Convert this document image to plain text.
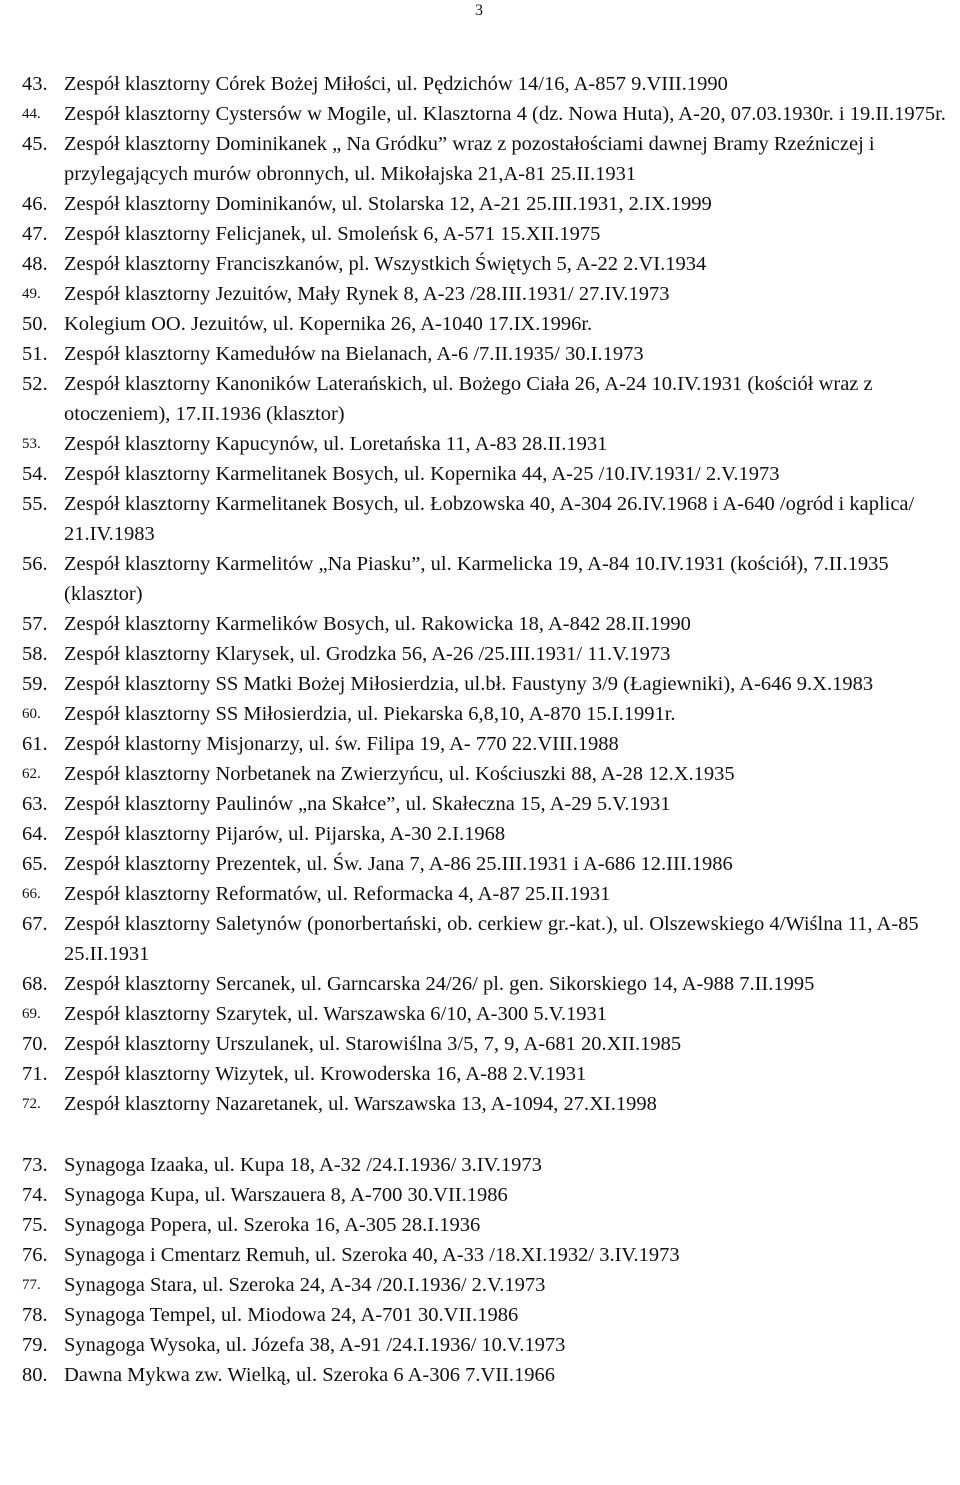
3
43. Zespół klasztorny Córek Bożej Miłości, ul. Pędzichów 14/16, A-857 9.VIII.1990
44.	Zespół klasztorny Cystersów w Mogile, ul. Klasztorna 4 (dz. Nowa Huta), A-20, 07.03.1930r. i 19.II.1975r.
45. Zespół klasztorny Dominikanek „ Na Gródku” wraz z pozostałościami dawnej Bramy Rzeźniczej i przylegających murów obronnych, ul. Mikołajska 21,A-81 25.II.1931
46. Zespół klasztorny Dominikanów, ul. Stolarska 12, A-21 25.III.1931, 2.IX.1999
47. Zespół klasztorny Felicjanek, ul. Smoleńsk 6, A-571 15.XII.1975
48. Zespół klasztorny Franciszkanów, pl. Wszystkich Świętych 5, A-22 2.VI.1934
49.	Zespół klasztorny Jezuitów, Mały Rynek 8, A-23 /28.III.1931/ 27.IV.1973
50. Kolegium OO. Jezuitów, ul. Kopernika 26, A-1040 17.IX.1996r.
51. Zespół klasztorny Kamedułów na Bielanach, A-6 /7.II.1935/ 30.I.1973
52. Zespół klasztorny Kanoników Laterańskich, ul. Bożego Ciała 26, A-24 10.IV.1931 (kościół wraz z otoczeniem), 17.II.1936 (klasztor)
53.	Zespół klasztorny Kapucynów, ul. Loretańska 11, A-83 28.II.1931
54. Zespół klasztorny Karmelitanek Bosych, ul. Kopernika 44, A-25 /10.IV.1931/ 2.V.1973
55. Zespół klasztorny Karmelitanek Bosych, ul. Łobzowska 40, A-304 26.IV.1968 i A-640 /ogród i kaplica/ 21.IV.1983
56. Zespół klasztorny Karmelitów „Na Piasku”, ul. Karmelicka 19, A-84 10.IV.1931 (kościół), 7.II.1935 (klasztor)
57. Zespół klasztorny Karmelików Bosych, ul. Rakowicka 18, A-842 28.II.1990
58. Zespół klasztorny Klarysek, ul. Grodzka 56, A-26 /25.III.1931/ 11.V.1973
59. Zespół klasztorny SS Matki Bożej Miłosierdzia, ul.bł. Faustyny 3/9 (Łagiewniki), A-646 9.X.1983
60.	Zespół klasztorny SS Miłosierdzia, ul. Piekarska 6,8,10, A-870 15.I.1991r.
61. Zespół klastorny Misjonarzy, ul. św. Filipa 19, A- 770 22.VIII.1988
62.	Zespół klasztorny Norbetanek na Zwierzyńcu, ul. Kościuszki 88, A-28 12.X.1935
63. Zespół klasztorny Paulinów „na Skałce”, ul. Skałeczna 15, A-29 5.V.1931
64. Zespół klasztorny Pijarów, ul. Pijarska, A-30 2.I.1968
65. Zespół klasztorny Prezentek, ul. Św. Jana 7, A-86 25.III.1931 i A-686 12.III.1986
66.	Zespół klasztorny Reformatów, ul. Reformacka 4, A-87 25.II.1931
67. Zespół klasztorny Saletynów (ponorbertański, ob. cerkiew gr.-kat.), ul. Olszewskiego 4/Wiślna 11, A-85 25.II.1931
68. Zespół klasztorny Sercanek, ul. Garncarska 24/26/ pl. gen. Sikorskiego 14, A-988 7.II.1995
69.	Zespół klasztorny Szarytek, ul. Warszawska 6/10, A-300 5.V.1931
70. Zespół klasztorny Urszulanek, ul. Starowiślna 3/5, 7, 9, A-681 20.XII.1985
71. Zespół klasztorny Wizytek, ul. Krowoderska 16, A-88 2.V.1931
72.	Zespół klasztorny Nazaretanek, ul. Warszawska 13, A-1094, 27.XI.1998
73. Synagoga Izaaka, ul. Kupa 18, A-32 /24.I.1936/ 3.IV.1973
74. Synagoga Kupa, ul. Warszauera 8, A-700 30.VII.1986
75. Synagoga Popera, ul. Szeroka 16, A-305 28.I.1936
76. Synagoga i Cmentarz Remuh, ul. Szeroka 40, A-33 /18.XI.1932/ 3.IV.1973
77.	Synagoga Stara, ul. Szeroka 24, A-34 /20.I.1936/ 2.V.1973
78. Synagoga Tempel, ul. Miodowa 24, A-701 30.VII.1986
79. Synagoga Wysoka, ul. Józefa 38, A-91 /24.I.1936/ 10.V.1973
80. Dawna Mykwa zw. Wielką, ul. Szeroka 6 A-306 7.VII.1966
